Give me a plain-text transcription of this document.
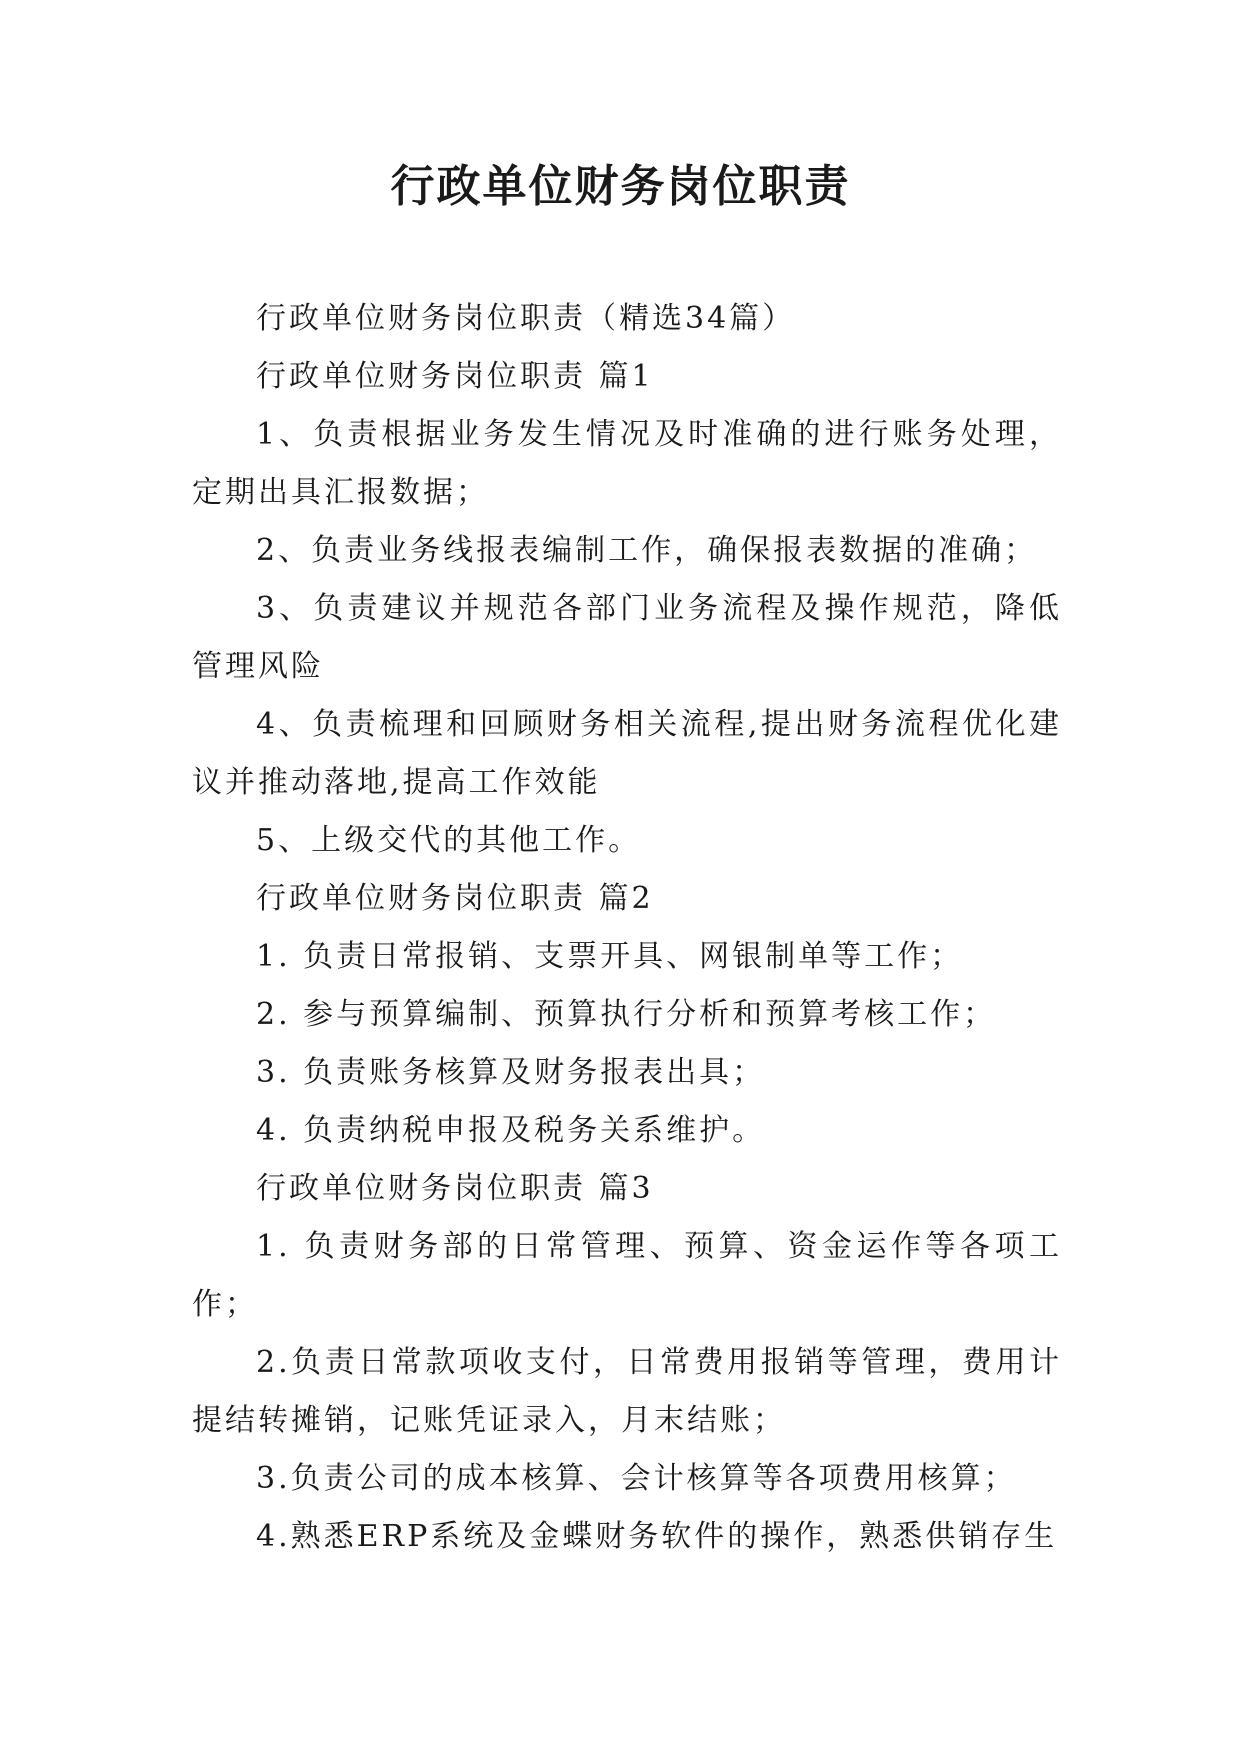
行政单位财务岗位职责

行政单位财务岗位职责（精选34篇）

行政单位财务岗位职责 篇1

1、负责根据业务发生情况及时准确的进行账务处理，定期出具汇报数据；

2、负责业务线报表编制工作，确保报表数据的准确；

3、负责建议并规范各部门业务流程及操作规范，降低管理风险

4、负责梳理和回顾财务相关流程,提出财务流程优化建议并推动落地,提高工作效能

5、上级交代的其他工作。

行政单位财务岗位职责 篇2

1. 负责日常报销、支票开具、网银制单等工作；

2. 参与预算编制、预算执行分析和预算考核工作；

3. 负责账务核算及财务报表出具；

4. 负责纳税申报及税务关系维护。

行政单位财务岗位职责 篇3

1. 负责财务部的日常管理、预算、资金运作等各项工作；

2.负责日常款项收支付，日常费用报销等管理，费用计提结转摊销，记账凭证录入，月末结账；

3.负责公司的成本核算、会计核算等各项费用核算；

4.熟悉ERP系统及金蝶财务软件的操作，熟悉供销存生
